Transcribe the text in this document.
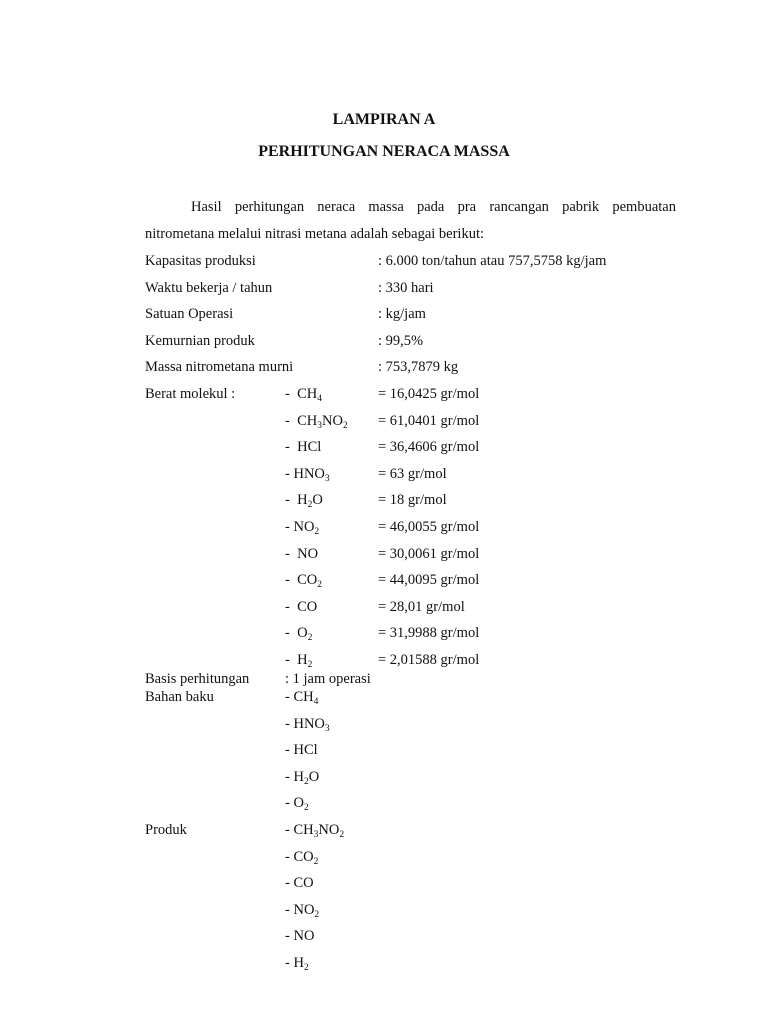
LAMPIRAN A
PERHITUNGAN NERACA MASSA
Hasil perhitungan neraca massa pada pra rancangan pabrik pembuatan
nitrometana melalui nitrasi metana adalah sebagai berikut:
Kapasitas produksi	: 6.000 ton/tahun atau 757,5758 kg/jam
Waktu bekerja / tahun	: 330 hari
Satuan Operasi	: kg/jam
Kemurnian produk	: 99,5%
Massa nitrometana murni	: 753,7879 kg
Berat molekul :	-  $CH_4$	= 16,0425 gr/mol
-  $CH_3NO_2 = 61,0401$ gr/mol
-  HCl	= 36,4606 gr/mol
- $HNO_3$	= 63 gr/mol
-  $H_2O$	= 18 gr/mol
- $NO_2$	= 46,0055 gr/mol
-  NO	= 30,0061 gr/mol
-  $CO_2$	= 44,0095 gr/mol
-  CO	= 28,01 gr/mol
-  $O_2$	= 31,9988 gr/mol
-  $H_2$	= 2,01588 gr/mol
Basis perhitungan : 1 jam operasi
Bahan baku	- $CH_4$
- $HNO_3$
- HCl
- $H_2O$
- $O_2$
Produk	- $CH_3NO_2$
- $CO_2$
- CO
- $NO_2$
- NO
- $H_2$
